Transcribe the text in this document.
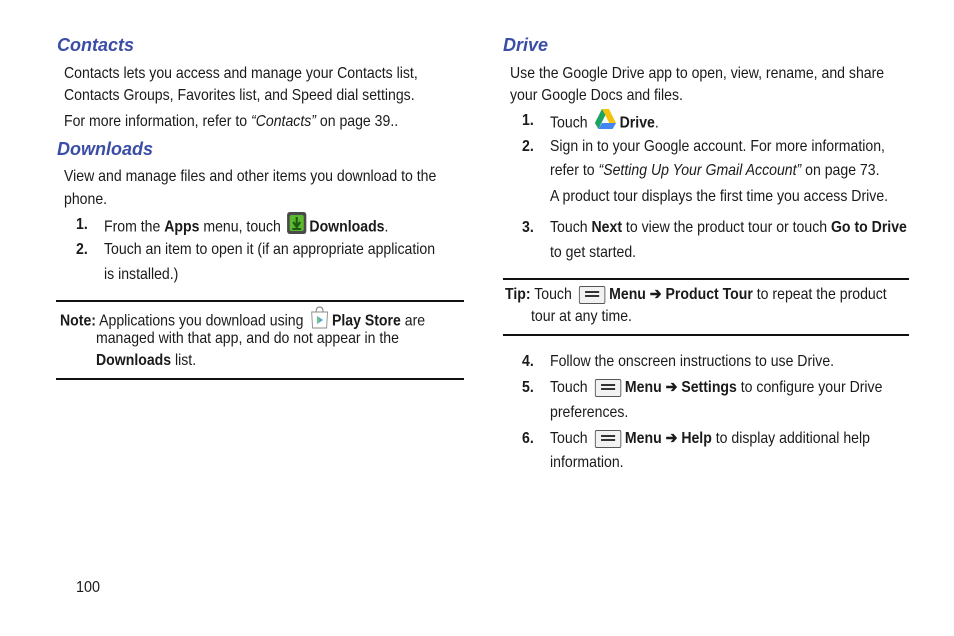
Contacts
Contacts lets you access and manage your Contacts list,
Contacts Groups, Favorites list, and Speed dial settings.
For more information, refer to “Contacts” on page 39..
Downloads
View and manage files and other items you download to the
phone.
1. From the Apps menu, touch Downloads.
2. Touch an item to open it (if an appropriate application
is installed.)
Note: Applications you download using Play Store are
managed with that app, and do not appear in the
Downloads list.
Drive
Use the Google Drive app to open, view, rename, and share
your Google Docs and files.
1. Touch Drive.
2. Sign in to your Google account. For more information,
refer to “Setting Up Your Gmail Account” on page 73.
A product tour displays the first time you access Drive.
3. Touch Next to view the product tour or touch Go to Drive
to get started.
Tip: Touch
Menu ➔ Product Tour to repeat the product
tour at any time.
4. Follow the onscreen instructions to use Drive.
5. Touch
Menu ➔ Settings to configure your Drive
preferences.
6. Touch
Menu ➔ Help to display additional help
information.
100
